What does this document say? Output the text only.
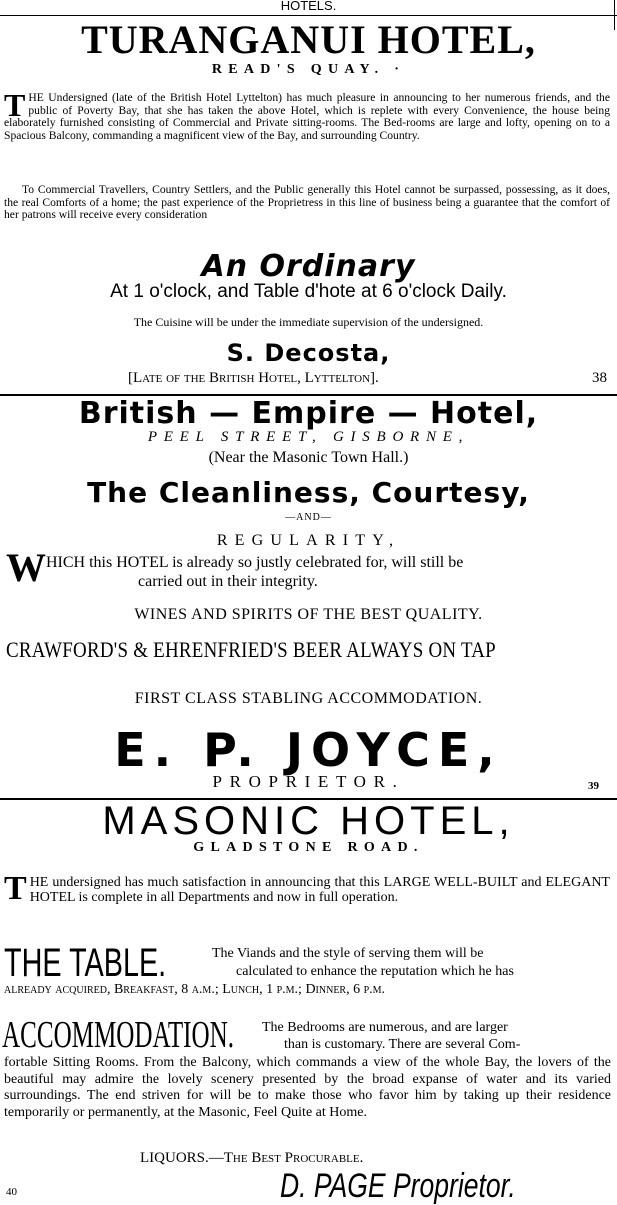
HOTELS.
TURANGANUI HOTEL,
READ'S QUAY. ·
THE Undersigned (late of the British Hotel Lyttelton) has much pleasure in announcing to her numerous friends, and the public of Poverty Bay, that she has taken the above Hotel, which is replete with every Convenience, the house being elaborately furnished consisting of Commercial and Private sitting-rooms. The Bed-rooms are large and lofty, opening on to a Spacious Balcony, commanding a magnificent view of the Bay, and surrounding Country.
To Commercial Travellers, Country Settlers, and the Public generally this Hotel cannot be surpassed, possessing, as it does, the real Comforts of a home; the past experience of the Proprietress in this line of business being a guarantee that the comfort of her patrons will receive every consideration
An Ordinary
At 1 o'clock, and Table d'hote at 6 o'clock Daily.
The Cuisine will be under the immediate supervision of the undersigned.
S. Decosta,
[Late of the British Hotel, Lyttelton].	38
British — Empire — Hotel,
PEEL STREET, GISBORNE,
(Near the Masonic Town Hall.)
The Cleanliness, Courtesy,
—AND—
REGULARITY,
W HICH this HOTEL is already so justly celebrated for, will still be
carried out in their integrity.
WINES AND SPIRITS OF THE BEST QUALITY.
CRAWFORD'S & EHRENFRIED'S BEER ALWAYS ON TAP
FIRST CLASS STABLING ACCOMMODATION.
E. P. JOYCE,
PROPRIETOR.	39
MASONIC HOTEL,
GLADSTONE ROAD.
THE undersigned has much satisfaction in announcing that this LARGE WELL-BUILT and ELEGANT HOTEL is complete in all Departments and now in full operation.
THE TABLE.	The Viands and the style of serving them will be
calculated to enhance the reputation which he has
already acquired, Breakfast, 8 a.m.; Lunch, 1 p.m.; Dinner, 6 p.m.
ACCOMMODATION. The Bedrooms are numerous, and are larger
than is customary. There are several Com-
fortable Sitting Rooms. From the Balcony, which commands a view of the whole Bay, the lovers of the beautiful may admire the lovely scenery presented by the broad expanse of water and its varied surroundings. The end striven for will be to make those who favor him by taking up their residence temporarily or permanently, at the Masonic, Feel Quite at Home.
LIQUORS.—The Best Procurable.
40	D. PAGE Proprietor.
